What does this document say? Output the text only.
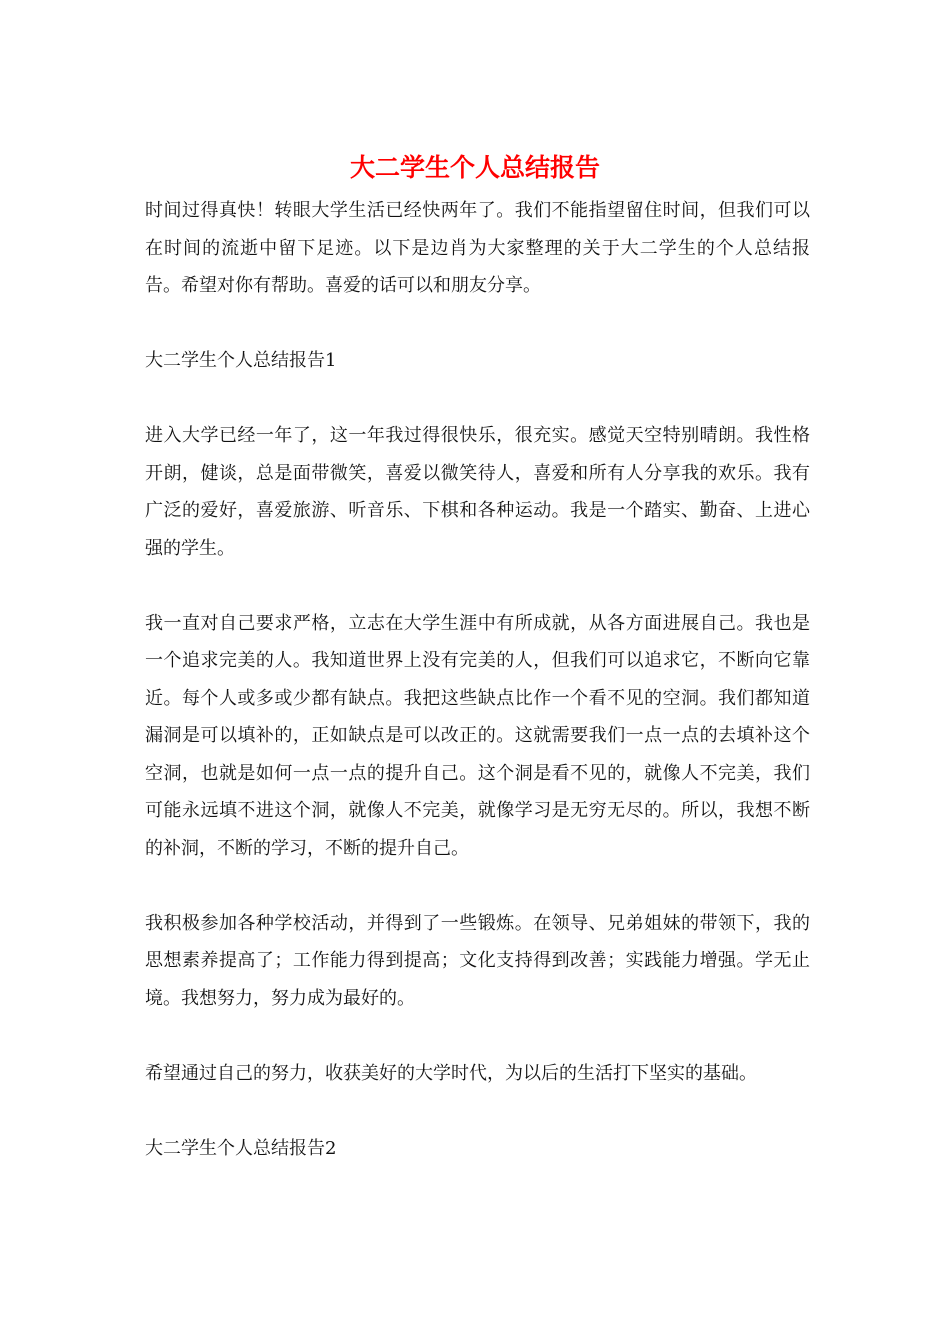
大二学生个人总结报告

时间过得真快！转眼大学生活已经快两年了。我们不能指望留住时间，但我们可以在时间的流逝中留下足迹。以下是边肖为大家整理的关于大二学生的个人总结报告。希望对你有帮助。喜爱的话可以和朋友分享。

大二学生个人总结报告1

进入大学已经一年了，这一年我过得很快乐，很充实。感觉天空特别晴朗。我性格开朗，健谈，总是面带微笑，喜爱以微笑待人，喜爱和所有人分享我的欢乐。我有广泛的爱好，喜爱旅游、听音乐、下棋和各种运动。我是一个踏实、勤奋、上进心强的学生。

我一直对自己要求严格，立志在大学生涯中有所成就，从各方面进展自己。我也是一个追求完美的人。我知道世界上没有完美的人，但我们可以追求它，不断向它靠近。每个人或多或少都有缺点。我把这些缺点比作一个看不见的空洞。我们都知道漏洞是可以填补的，正如缺点是可以改正的。这就需要我们一点一点的去填补这个空洞，也就是如何一点一点的提升自己。这个洞是看不见的，就像人不完美，我们可能永远填不进这个洞，就像人不完美，就像学习是无穷无尽的。所以，我想不断的补洞，不断的学习，不断的提升自己。

我积极参加各种学校活动，并得到了一些锻炼。在领导、兄弟姐妹的带领下，我的思想素养提高了；工作能力得到提高；文化支持得到改善；实践能力增强。学无止境。我想努力，努力成为最好的。

希望通过自己的努力，收获美好的大学时代，为以后的生活打下坚实的基础。

大二学生个人总结报告2
